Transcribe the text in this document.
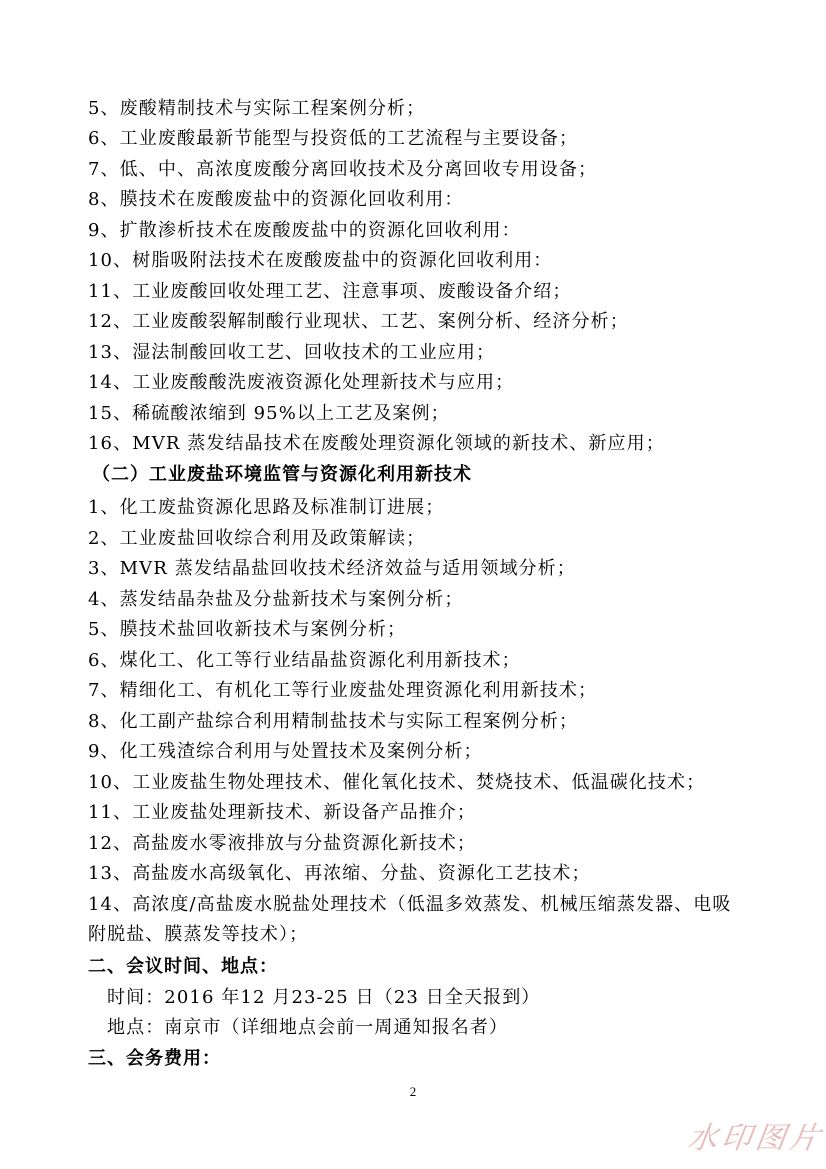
5、废酸精制技术与实际工程案例分析；
6、工业废酸最新节能型与投资低的工艺流程与主要设备；
7、低、中、高浓度废酸分离回收技术及分离回收专用设备；
8、膜技术在废酸废盐中的资源化回收利用：
9、扩散渗析技术在废酸废盐中的资源化回收利用：
10、树脂吸附法技术在废酸废盐中的资源化回收利用：
11、工业废酸回收处理工艺、注意事项、废酸设备介绍；
12、工业废酸裂解制酸行业现状、工艺、案例分析、经济分析；
13、湿法制酸回收工艺、回收技术的工业应用；
14、工业废酸酸洗废液资源化处理新技术与应用；
15、稀硫酸浓缩到 95%以上工艺及案例；
16、MVR 蒸发结晶技术在废酸处理资源化领域的新技术、新应用；
（二）工业废盐环境监管与资源化利用新技术
1、化工废盐资源化思路及标准制订进展；
2、工业废盐回收综合利用及政策解读；
3、MVR 蒸发结晶盐回收技术经济效益与适用领域分析；
4、蒸发结晶杂盐及分盐新技术与案例分析；
5、膜技术盐回收新技术与案例分析；
6、煤化工、化工等行业结晶盐资源化利用新技术；
7、精细化工、有机化工等行业废盐处理资源化利用新技术；
8、化工副产盐综合利用精制盐技术与实际工程案例分析；
9、化工残渣综合利用与处置技术及案例分析；
10、工业废盐生物处理技术、催化氧化技术、焚烧技术、低温碳化技术；
11、工业废盐处理新技术、新设备产品推介；
12、高盐废水零液排放与分盐资源化新技术；
13、高盐废水高级氧化、再浓缩、分盐、资源化工艺技术；
14、高浓度/高盐废水脱盐处理技术（低温多效蒸发、机械压缩蒸发器、电吸
附脱盐、膜蒸发等技术）；
二、会议时间、地点：
时间：2016 年12 月23-25 日（23 日全天报到）
地点：南京市（详细地点会前一周通知报名者）
三、会务费用：
2
水印图片
